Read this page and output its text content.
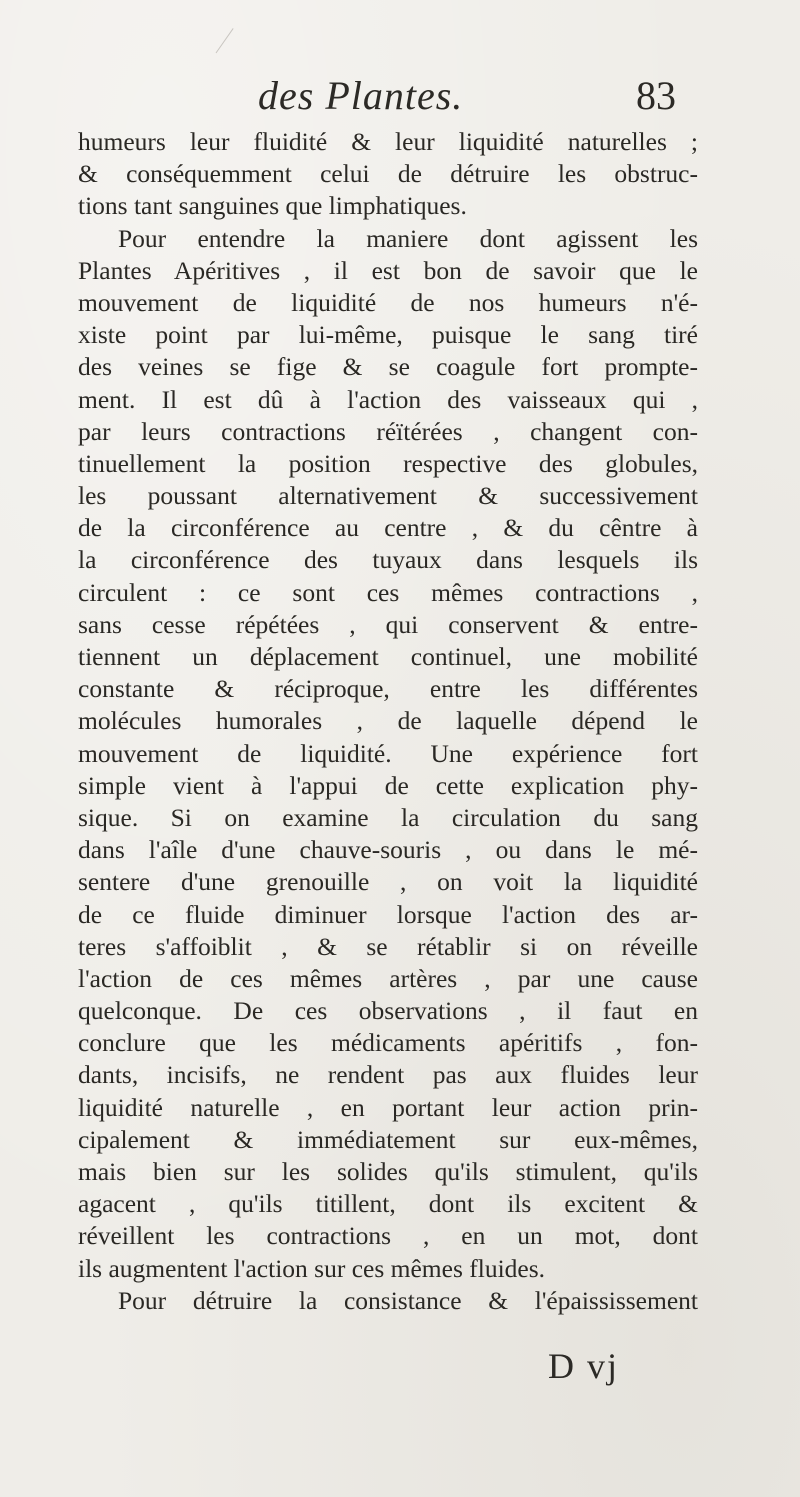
des Plantes.	83
humeurs leur fluidité & leur liquidité naturelles ;
& conséquemment celui de détruire les obstruc-
tions tant sanguines que limphatiques.
Pour entendre la maniere dont agissent les
Plantes Apéritives , il est bon de savoir que le
mouvement de liquidité de nos humeurs n'é-
xiste point par lui-même, puisque le sang tiré
des veines se fige & se coagule fort prompte-
ment. Il est dû à l'action des vaisseaux qui ,
par leurs contractions réïtérées , changent con-
tinuellement la position respective des globules,
les poussant alternativement & successivement
de la circonférence au centre , & du cêntre à
la circonférence des tuyaux dans lesquels ils
circulent : ce sont ces mêmes contractions ,
sans cesse répétées , qui conservent & entre-
tiennent un déplacement continuel, une mobilité
constante & réciproque, entre les différentes
molécules humorales , de laquelle dépend le
mouvement de liquidité. Une expérience fort
simple vient à l'appui de cette explication phy-
sique. Si on examine la circulation du sang
dans l'aîle d'une chauve-souris , ou dans le mé-
sentere d'une grenouille , on voit la liquidité
de ce fluide diminuer lorsque l'action des ar-
teres s'affoiblit , & se rétablir si on réveille
l'action de ces mêmes artères , par une cause
quelconque. De ces observations , il faut en
conclure que les médicaments apéritifs , fon-
dants, incisifs, ne rendent pas aux fluides leur
liquidité naturelle , en portant leur action prin-
cipalement & immédiatement sur eux-mêmes,
mais bien sur les solides qu'ils stimulent, qu'ils
agacent , qu'ils titillent, dont ils excitent &
réveillent les contractions , en un mot, dont
ils augmentent l'action sur ces mêmes fluides.
Pour détruire la consistance & l'épaississement
D vj
